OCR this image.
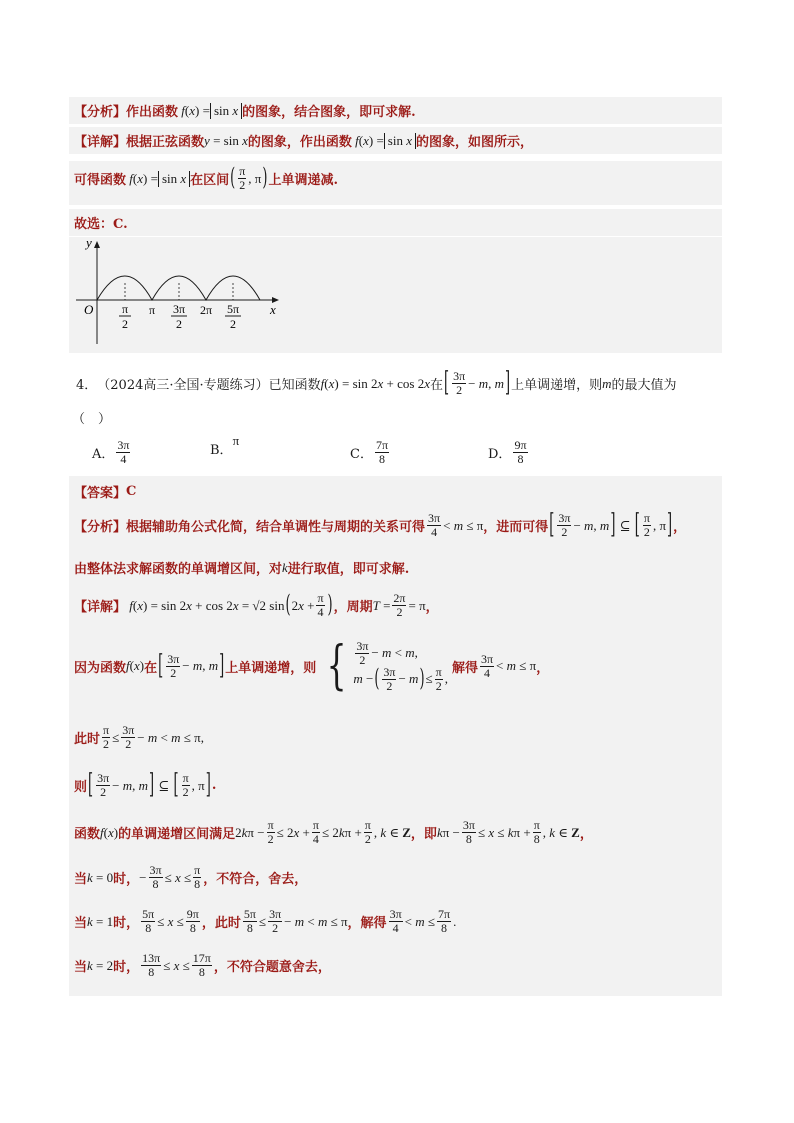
【分析】 作出函数 f ( x ) = sin x 的图象，结合图象，即可求解.
【详解】 根据正弦函数 y = sin x 的图象，作出函数 f ( x ) = sin x 的图象，如图所示，
可得函数 f ( x ) = sin x 在区间 ( $\frac{\pi}{2}$ , π ) 上单调递减.
故选：C.
y
x
O π
2
π 3π
2
2π 5π
2
4． （2024高三·全国·专题练习） 已知函数 f ( x ) = sin 2x + cos 2x 在 [ $\frac{3\pi}{2} - m$, m ] 上单调递增，则 m 的最大值为
（　）
A． $\frac{3\pi}{4}$	B．
π
C． $\frac{7\pi}{8}$	D． $\frac{9\pi}{8}$
【答案】 C
【分析】 根据辅助角公式化简，结合单调性与周期的关系可得 $\frac{3\pi}{4} < m \le \pi$ ，进而可得 [ $\frac{3\pi}{2} - m$, m ] ⊆ [ $\frac{\pi}{2}$ , π ] ，
由整体法求解函数的单调增区间，对 k 进行取值，即可求解.
【详解】 f (x) = sin 2x + cos 2x = √2 sin ( $2x + \frac{\pi}{4}$ ) ，周期 $T = \frac{2\pi}{2} = \pi$ ，
因为函数 f (x) 在 [ $\frac{3\pi}{2} - m$, m ] 上单调递增，则 { $\frac{3\pi}{2} - m < m$,
m − ( $\frac{3\pi}{2} - m$ ) ≤ $\frac{\pi}{2}$ ,
解得 $\frac{3\pi}{4} < m \le \pi$ ，
此时 $\frac{\pi}{2} \le \frac{3\pi}{2} - m < m \le \pi$,
则 [ $\frac{3\pi}{2} - m$, m ] ⊆ [ $\frac{\pi}{2}$ , π ] .
函数 f (x) 的单调递增区间满足 $2k\pi - \frac{\pi}{2} \le 2x + \frac{\pi}{4} \le 2k\pi + \frac{\pi}{2}$ , k ∈ Z ，即 $k\pi - \frac{3\pi}{8} \le x \le k\pi + \frac{\pi}{8}$ , k ∈ Z ，
当 k = 0 时， − $\frac{3\pi}{8} \le x \le \frac{\pi}{8}$ ，不符合，舍去，
当 k = 1 时， $\frac{5\pi}{8} \le x \le \frac{9\pi}{8}$ ，此时 $\frac{5\pi}{8} \le \frac{3\pi}{2} - m < m \le \pi$ ，解得 $\frac{3\pi}{4} < m \le \frac{7\pi}{8}$ .
当 k = 2 时， $\frac{13\pi}{8} \le x \le \frac{17\pi}{8}$ ，不符合题意舍去，
